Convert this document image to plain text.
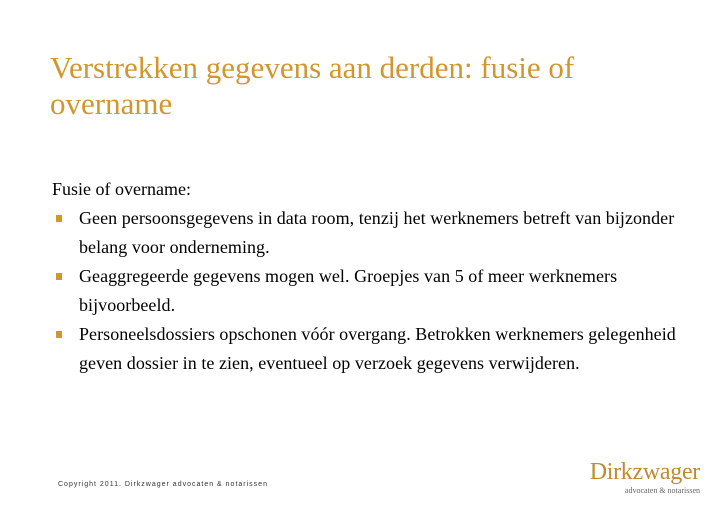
Verstrekken gegevens aan derden: fusie of overname
Fusie of overname:
Geen persoonsgegevens in data room, tenzij het werknemers betreft van bijzonder belang voor onderneming.
Geaggregeerde gegevens mogen wel. Groepjes van 5 of meer werknemers bijvoorbeeld.
Personeelsdossiers opschonen vóór overgang. Betrokken werknemers gelegenheid geven dossier in te zien, eventueel op verzoek gegevens verwijderen.
Copyright 2011. Dirkzwager advocaten & notarissen	Dirkzwager
advocaten & notarissen
